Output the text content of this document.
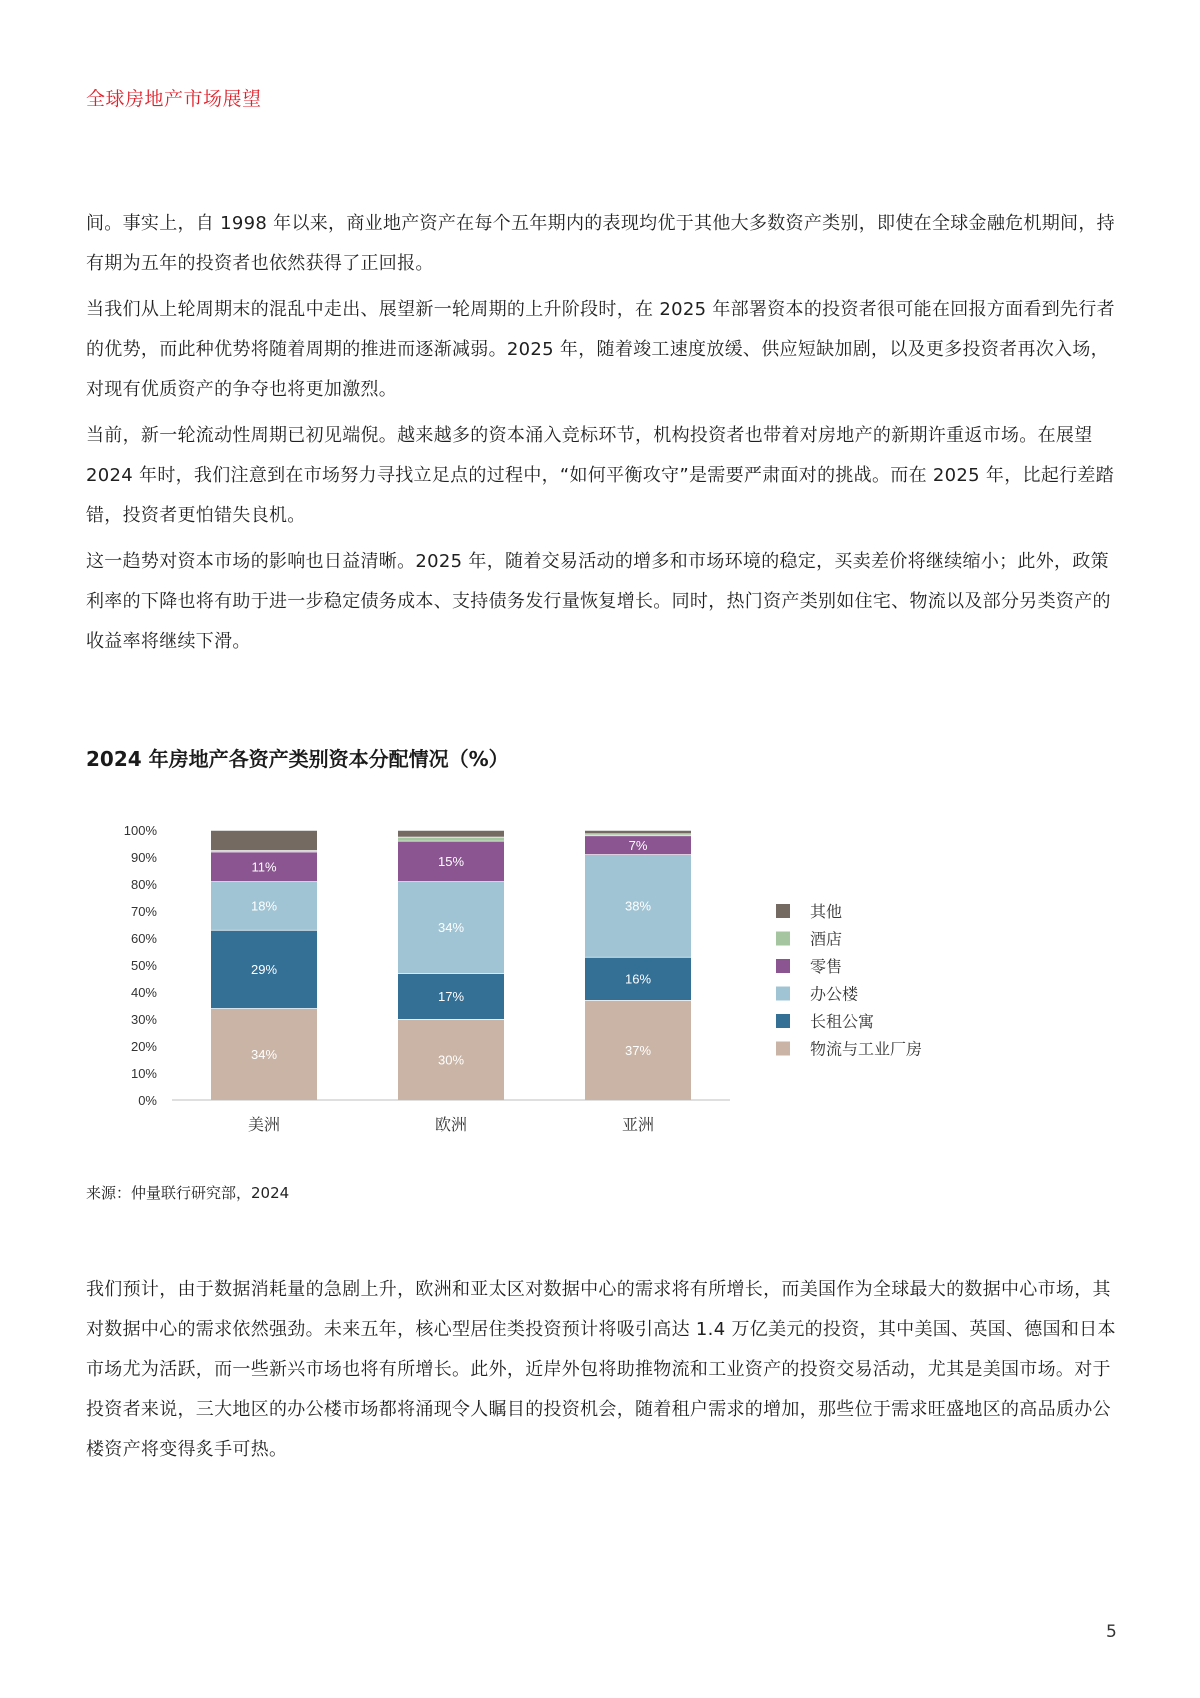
全球房地产市场展望

间。事实上，自 1998 年以来，商业地产资产在每个五年期内的表现均优于其他大多数资产类别，即使在全球金融危机期间，持有期为五年的投资者也依然获得了正回报。

当我们从上轮周期末的混乱中走出、展望新一轮周期的上升阶段时，在 2025 年部署资本的投资者很可能在回报方面看到先行者的优势，而此种优势将随着周期的推进而逐渐减弱。2025 年，随着竣工速度放缓、供应短缺加剧，以及更多投资者再次入场，对现有优质资产的争夺也将更加激烈。

当前，新一轮流动性周期已初见端倪。越来越多的资本涌入竞标环节，机构投资者也带着对房地产的新期许重返市场。在展望 2024 年时，我们注意到在市场努力寻找立足点的过程中，“如何平衡攻守”是需要严肃面对的挑战。而在 2025 年，比起行差踏错，投资者更怕错失良机。

这一趋势对资本市场的影响也日益清晰。2025 年，随着交易活动的增多和市场环境的稳定，买卖差价将继续缩小；此外，政策利率的下降也将有助于进一步稳定债务成本、支持债务发行量恢复增长。同时，热门资产类别如住宅、物流以及部分另类资产的收益率将继续下滑。

2024 年房地产各资产类别资本分配情况（%）
0%
10%
20%
30%
40%
50%
60%
70%
80%
90%
100%
34%
29%
18%
11%
美洲
30%
17%
34%
15%
欧洲
37%
16%
38%
7%
亚洲
其他
酒店
零售
办公楼
长租公寓
物流与工业厂房
来源：仲量联行研究部，2024

我们预计，由于数据消耗量的急剧上升，欧洲和亚太区对数据中心的需求将有所增长，而美国作为全球最大的数据中心市场，其对数据中心的需求依然强劲。未来五年，核心型居住类投资预计将吸引高达 1.4 万亿美元的投资，其中美国、英国、德国和日本市场尤为活跃，而一些新兴市场也将有所增长。此外，近岸外包将助推物流和工业资产的投资交易活动，尤其是美国市场。对于投资者来说，三大地区的办公楼市场都将涌现令人瞩目的投资机会，随着租户需求的增加，那些位于需求旺盛地区的高品质办公楼资产将变得炙手可热。

5
